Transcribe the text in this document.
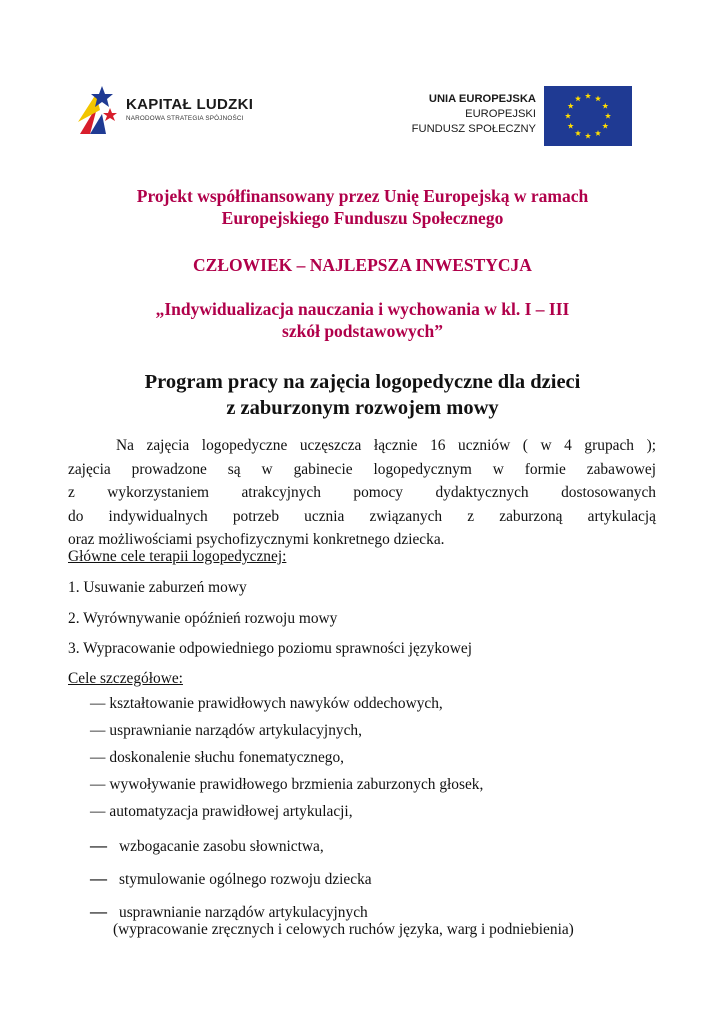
KAPITAŁ LUDZKI
NARODOWA STRATEGIA SPÓJNOŚCI
UNIA EUROPEJSKA
EUROPEJSKI
FUNDUSZ SPOŁECZNY
Projekt współfinansowany przez Unię Europejską w ramach
Europejskiego Funduszu Społecznego
CZŁOWIEK – NAJLEPSZA INWESTYCJA
„Indywidualizacja nauczania i wychowania w kl. I – III
szkół podstawowych”
Program pracy na zajęcia logopedyczne dla dzieci
z zaburzonym rozwojem mowy
Na zajęcia logopedyczne uczęszcza łącznie 16 uczniów ( w 4 grupach );
zajęcia prowadzone są w gabinecie logopedycznym w formie zabawowej
z wykorzystaniem atrakcyjnych pomocy dydaktycznych dostosowanych
do indywidualnych potrzeb ucznia związanych z zaburzoną artykulacją
oraz możliwościami psychofizycznymi konkretnego dziecka.
Główne cele terapii logopedycznej:
1. Usuwanie zaburzeń mowy
2. Wyrównywanie opóźnień rozwoju mowy
3. Wypracowanie odpowiedniego poziomu sprawności językowej
Cele szczegółowe:
— kształtowanie prawidłowych nawyków oddechowych,
— usprawnianie narządów artykulacyjnych,
— doskonalenie słuchu fonematycznego,
— wywoływanie prawidłowego brzmienia zaburzonych głosek,
— automatyzacja prawidłowej artykulacji,
— wzbogacanie zasobu słownictwa,
— stymulowanie ogólnego rozwoju dziecka
— usprawnianie narządów artykulacyjnych
(wypracowanie zręcznych i celowych ruchów języka, warg i podniebienia)
